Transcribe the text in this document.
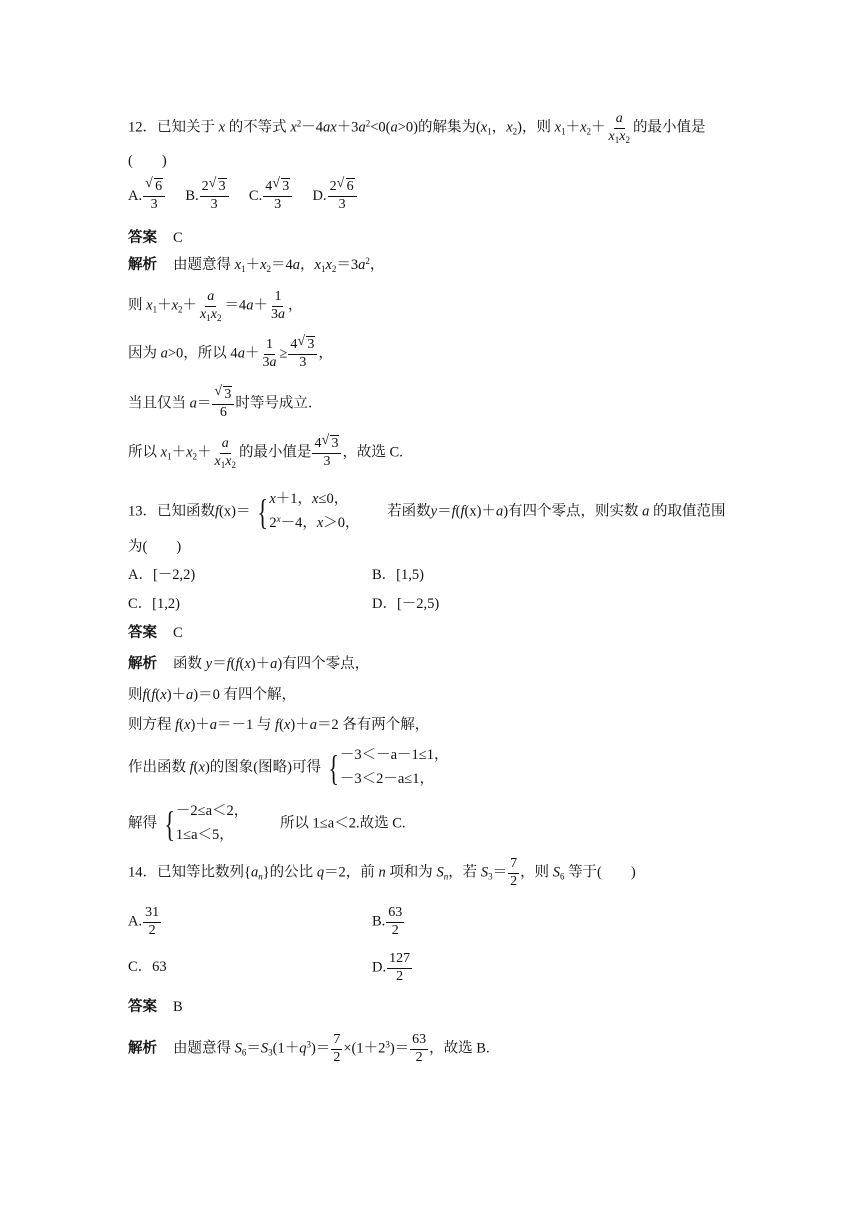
12．已知关于 x 的不等式 $x^2-4ax+3a^2<0(a>0)$的解集为($x_1$，$x_2$)，则 $x_1+x_2+ \frac{a}{x_1x_2}$ 的最小值是
(　　)
A. $\frac{√ 6}{3} B$. $\frac{2 √ 3}{3} C$. $\frac{4 √ 3}{3} D$. $\frac{2 √ 6}{3}$
答案 C
解析 由题意得 $x_1+x_2=4a$，$x_1x_2=3a^2$，
则 $x_1+x_2+ \frac{a}{x_1x_2} =4a+ \frac{1}{3a}$ ，
因为 a>0，所以 $4a+ \frac{1}{3a} \ge \frac{4 √ 3}{3}$ ，
当且仅当 $a= \frac{√ 3}{6}$ 时等号成立．
所以 $x_1+x_2+ \frac{a}{x_1x_2}$ 的最小值是 $\frac{4 √ 3}{3}$ ，故选 C.
13．已知函数f(x)＝ { x＋1，x≤0，
$2^x-4$，x＞0，
若函数y＝f(f(x)＋a)有四个零点，则实数 a 的取值范围
为(　　)
A．[－2,2)	B．[1,5)
C．[1,2)	D．[－2,5)
答案 C
解析 函数 y＝f(f(x)＋a)有四个零点，
则f(f(x)＋a)＝0 有四个解，
则方程 f(x)＋a＝－1 与 f(x)＋a＝2 各有两个解，
作出函数 f(x)的图象(图略)可得 { －3＜－a－1≤1，
－3＜2－a≤1，
解得 { －2≤a＜2，
1≤a＜5，
所以 1≤a＜2.故选 C.
14．已知等比数列$\{a_n\}$的公比 q＝2，前 n 项和为 $S_n$，若 $S_3= \frac{7}{2}$ ，则 $S_6$ 等于(　　)
A. $\frac{31}{2}$	B. $\frac{63}{2}$
C．63	D. $\frac{127}{2}$
答案 B
解析 由题意得 $S_6=S_3(1+q^3)= \frac{7}{2} \times(1+2^3)= \frac{63}{2}$ ，故选 B.
